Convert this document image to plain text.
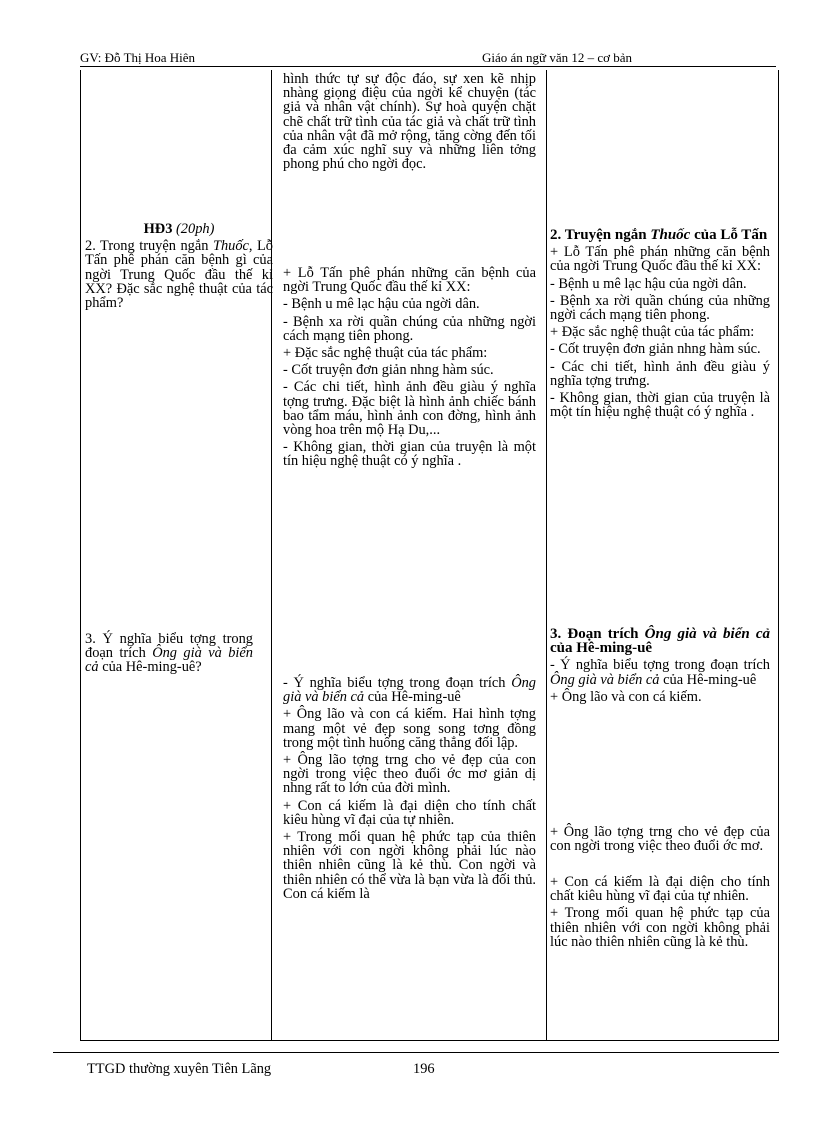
GV: Đỗ Thị Hoa Hiên	Giáo án ngữ văn 12 – cơ bản

HĐ3 (20ph)

2. Trong truyện ngắn Thuốc, Lỗ Tấn phê phán căn bệnh gì của ngời Trung Quốc đầu thế kỉ XX? Đặc sắc nghệ thuật của tác phẩm?

3. Ý nghĩa biểu tợng trong đoạn trích Ông già và biển cả của Hê-ming-uê?

hình thức tự sự độc đáo, sự xen kẽ nhịp nhàng giọng điệu của ngời kể chuyện (tác giả và nhân vật chính). Sự hoà quyện chặt chẽ chất trữ tình của tác giả và chất trữ tình của nhân vật đã mở rộng, tăng cờng đến tối đa cảm xúc nghĩ suy và những liên tởng phong phú cho ngời đọc.

+ Lỗ Tấn phê phán những căn bệnh của ngời Trung Quốc đầu thế kỉ XX:

- Bệnh u mê lạc hậu của ngời dân.

- Bệnh xa rời quần chúng của những ngời cách mạng tiên phong.

+ Đặc sắc nghệ thuật của tác phẩm:

- Cốt truyện đơn giản nhng hàm súc.

- Các chi tiết, hình ảnh đều giàu ý nghĩa tợng trưng. Đặc biệt là hình ảnh chiếc bánh bao tẩm máu, hình ảnh con đờng, hình ảnh vòng hoa trên mộ Hạ Du,...

- Không gian, thời gian của truyện là một tín hiệu nghệ thuật có ý nghĩa .

- Ý nghĩa biểu tợng trong đoạn trích Ông già và biển cả của Hê-ming-uê

+ Ông lão và con cá kiếm. Hai hình tợng mang một vẻ đẹp song song tơng đồng trong một tình huống căng thẳng đối lập.

+ Ông lão tợng trng cho vẻ đẹp của con ngời trong việc theo đuổi ớc mơ giản dị nhng rất to lớn của đời mình.

+ Con cá kiếm là đại diện cho tính chất kiêu hùng vĩ đại của tự nhiên.

+ Trong mối quan hệ phức tạp của thiên nhiên với con ngời không phải lúc nào thiên nhiên cũng là kẻ thù. Con ngời và thiên nhiên có thể vừa là bạn vừa là đối thủ. Con cá kiếm là

2. Truyện ngắn Thuốc của Lỗ Tấn

+ Lỗ Tấn phê phán những căn bệnh của ngời Trung Quốc đầu thế kỉ XX:

- Bệnh u mê lạc hậu của ngời dân.

- Bệnh xa rời quần chúng của những ngời cách mạng tiên phong.

+ Đặc sắc nghệ thuật của tác phẩm:

- Cốt truyện đơn giản nhng hàm súc.

- Các chi tiết, hình ảnh đều giàu ý nghĩa tợng trưng.

- Không gian, thời gian của truyện là một tín hiệu nghệ thuật có ý nghĩa .

3. Đoạn trích Ông già và biển cả của Hê-ming-uê

- Ý nghĩa biểu tợng trong đoạn trích Ông già và biển cả của Hê-ming-uê

+ Ông lão và con cá kiếm.

+ Ông lão tợng trng cho vẻ đẹp của con ngời trong việc theo đuổi ớc mơ.

+ Con cá kiếm là đại diện cho tính chất kiêu hùng vĩ đại của tự nhiên.

+ Trong mối quan hệ phức tạp của thiên nhiên với con ngời không phải lúc nào thiên nhiên cũng là kẻ thù.

TTGD thường xuyên Tiên Lãng	196
